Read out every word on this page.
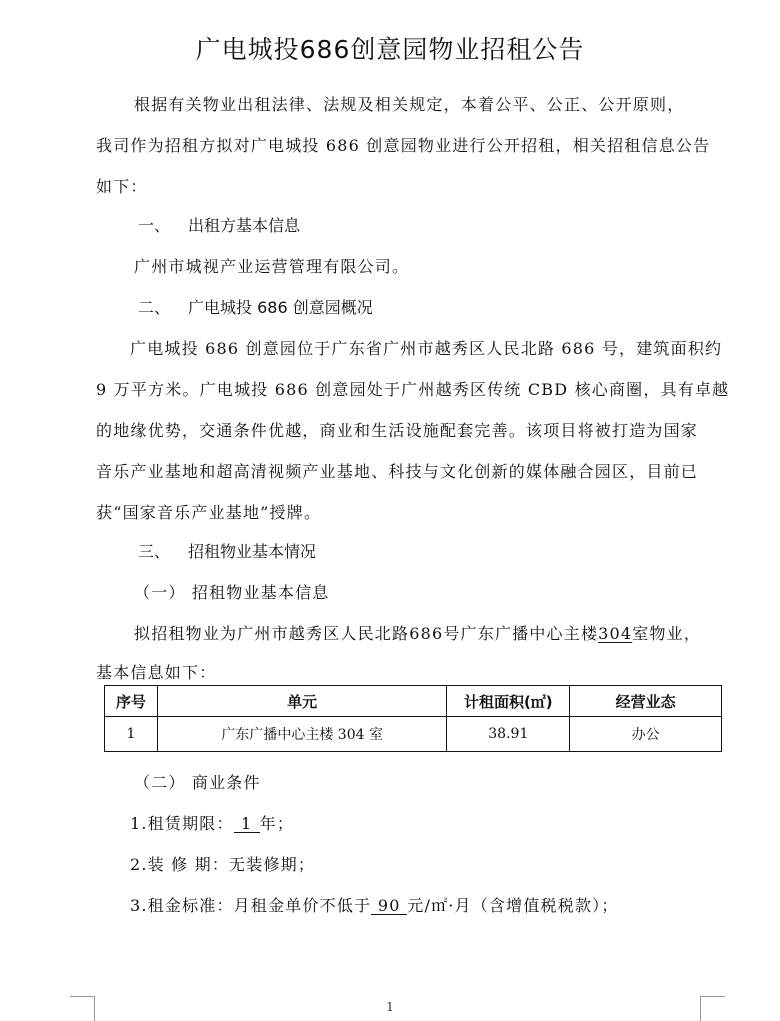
广电城投686创意园物业招租公告
根据有关物业出租法律、法规及相关规定，本着公平、公正、公开原则，
我司作为招租方拟对广电城投 686 创意园物业进行公开招租，相关招租信息公告
如下：
一、 出租方基本信息
广州市城视产业运营管理有限公司。
二、 广电城投 686 创意园概况
广电城投 686 创意园位于广东省广州市越秀区人民北路 686 号，建筑面积约
9 万平方米。广电城投 686 创意园处于广州越秀区传统 CBD 核心商圈，具有卓越
的地缘优势，交通条件优越，商业和生活设施配套完善。该项目将被打造为国家
音乐产业基地和超高清视频产业基地、科技与文化创新的媒体融合园区，目前已
获“国家音乐产业基地”授牌。
三、 招租物业基本情况
（一） 招租物业基本信息
拟招租物业为广州市越秀区人民北路686号广东广播中心主楼304室物业，
基本信息如下：
序号	单元	计租面积(㎡)	经营业态
1	广东广播中心主楼 304 室	38.91	办公
（二） 商业条件
1.租赁期限： 1 年；
2.装 修 期：无装修期；
3.租金标准：月租金单价不低于 90 元/㎡·月（含增值税税款）；
1
